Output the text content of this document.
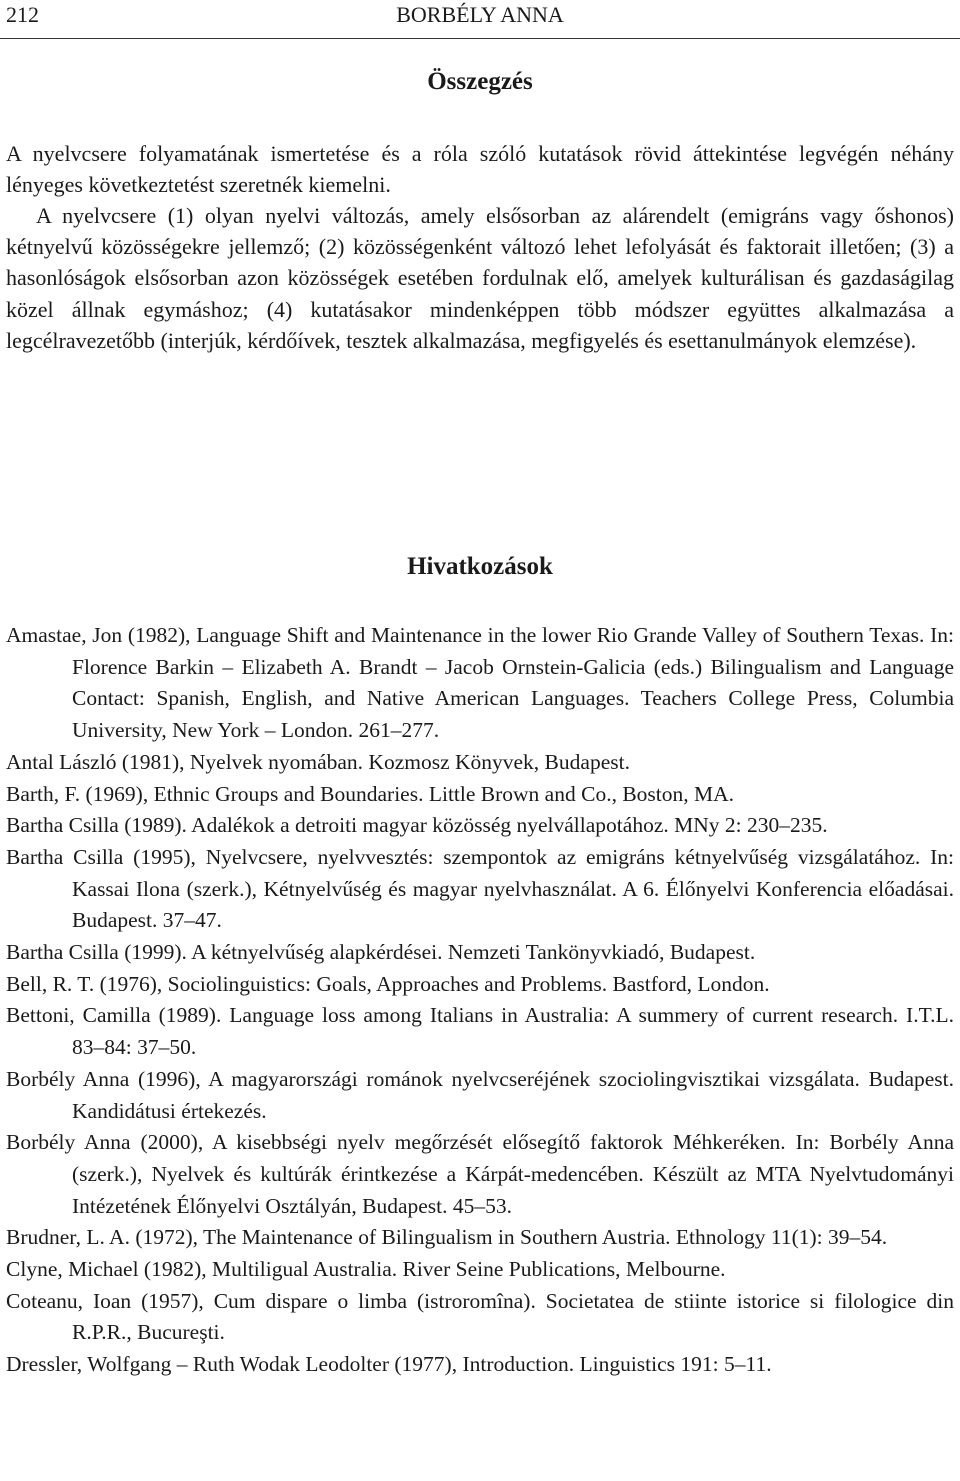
212	BORBÉLY ANNA
Összegzés

A nyelvcsere folyamatának ismertetése és a róla szóló kutatások rövid áttekintése legvégén néhány lényeges következtetést szeretnék kiemelni.

A nyelvcsere (1) olyan nyelvi változás, amely elsősorban az alárendelt (emigráns vagy őshonos) kétnyelvű közösségekre jellemző; (2) közösségenként változó lehet lefolyását és faktorait illetően; (3) a hasonlóságok elsősorban azon közösségek esetében fordulnak elő, amelyek kulturálisan és gazdaságilag közel állnak egymáshoz; (4) kutatásakor mindenképpen több módszer együttes alkalmazása a legcélravezetőbb (interjúk, kérdőívek, tesztek alkalmazása, megfigyelés és esettanulmányok elemzése).

Hivatkozások
Amastae, Jon (1982), Language Shift and Maintenance in the lower Rio Grande Valley of Southern Texas. In: Florence Barkin – Elizabeth A. Brandt – Jacob Ornstein-Galicia (eds.) Bilingualism and Language Contact: Spanish, English, and Native American Languages. Teachers College Press, Columbia University, New York – London. 261–277.
Antal László (1981), Nyelvek nyomában. Kozmosz Könyvek, Budapest.
Barth, F. (1969), Ethnic Groups and Boundaries. Little Brown and Co., Boston, MA.
Bartha Csilla (1989). Adalékok a detroiti magyar közösség nyelvállapotához. MNy 2: 230–235.
Bartha Csilla (1995), Nyelvcsere, nyelvvesztés: szempontok az emigráns kétnyelvűség vizsgálatához. In: Kassai Ilona (szerk.), Kétnyelvűség és magyar nyelvhasználat. A 6. Élőnyelvi Konferencia előadásai. Budapest. 37–47.
Bartha Csilla (1999). A kétnyelvűség alapkérdései. Nemzeti Tankönyvkiadó, Budapest.
Bell, R. T. (1976), Sociolinguistics: Goals, Approaches and Problems. Bastford, London.
Bettoni, Camilla (1989). Language loss among Italians in Australia: A summery of current research. I.T.L. 83–84: 37–50.
Borbély Anna (1996), A magyarországi románok nyelvcseréjének szociolingvisztikai vizsgálata. Budapest. Kandidátusi értekezés.
Borbély Anna (2000), A kisebbségi nyelv megőrzését elősegítő faktorok Méhkeréken. In: Borbély Anna (szerk.), Nyelvek és kultúrák érintkezése a Kárpát-medencében. Készült az MTA Nyelvtudományi Intézetének Élőnyelvi Osztályán, Budapest. 45–53.
Brudner, L. A. (1972), The Maintenance of Bilingualism in Southern Austria. Ethnology 11(1): 39–54.
Clyne, Michael (1982), Multiligual Australia. River Seine Publications, Melbourne.
Coteanu, Ioan (1957), Cum dispare o limba (istroromîna). Societatea de stiinte istorice si filologice din R.P.R., Bucureşti.
Dressler, Wolfgang – Ruth Wodak Leodolter (1977), Introduction. Linguistics 191: 5–11.
